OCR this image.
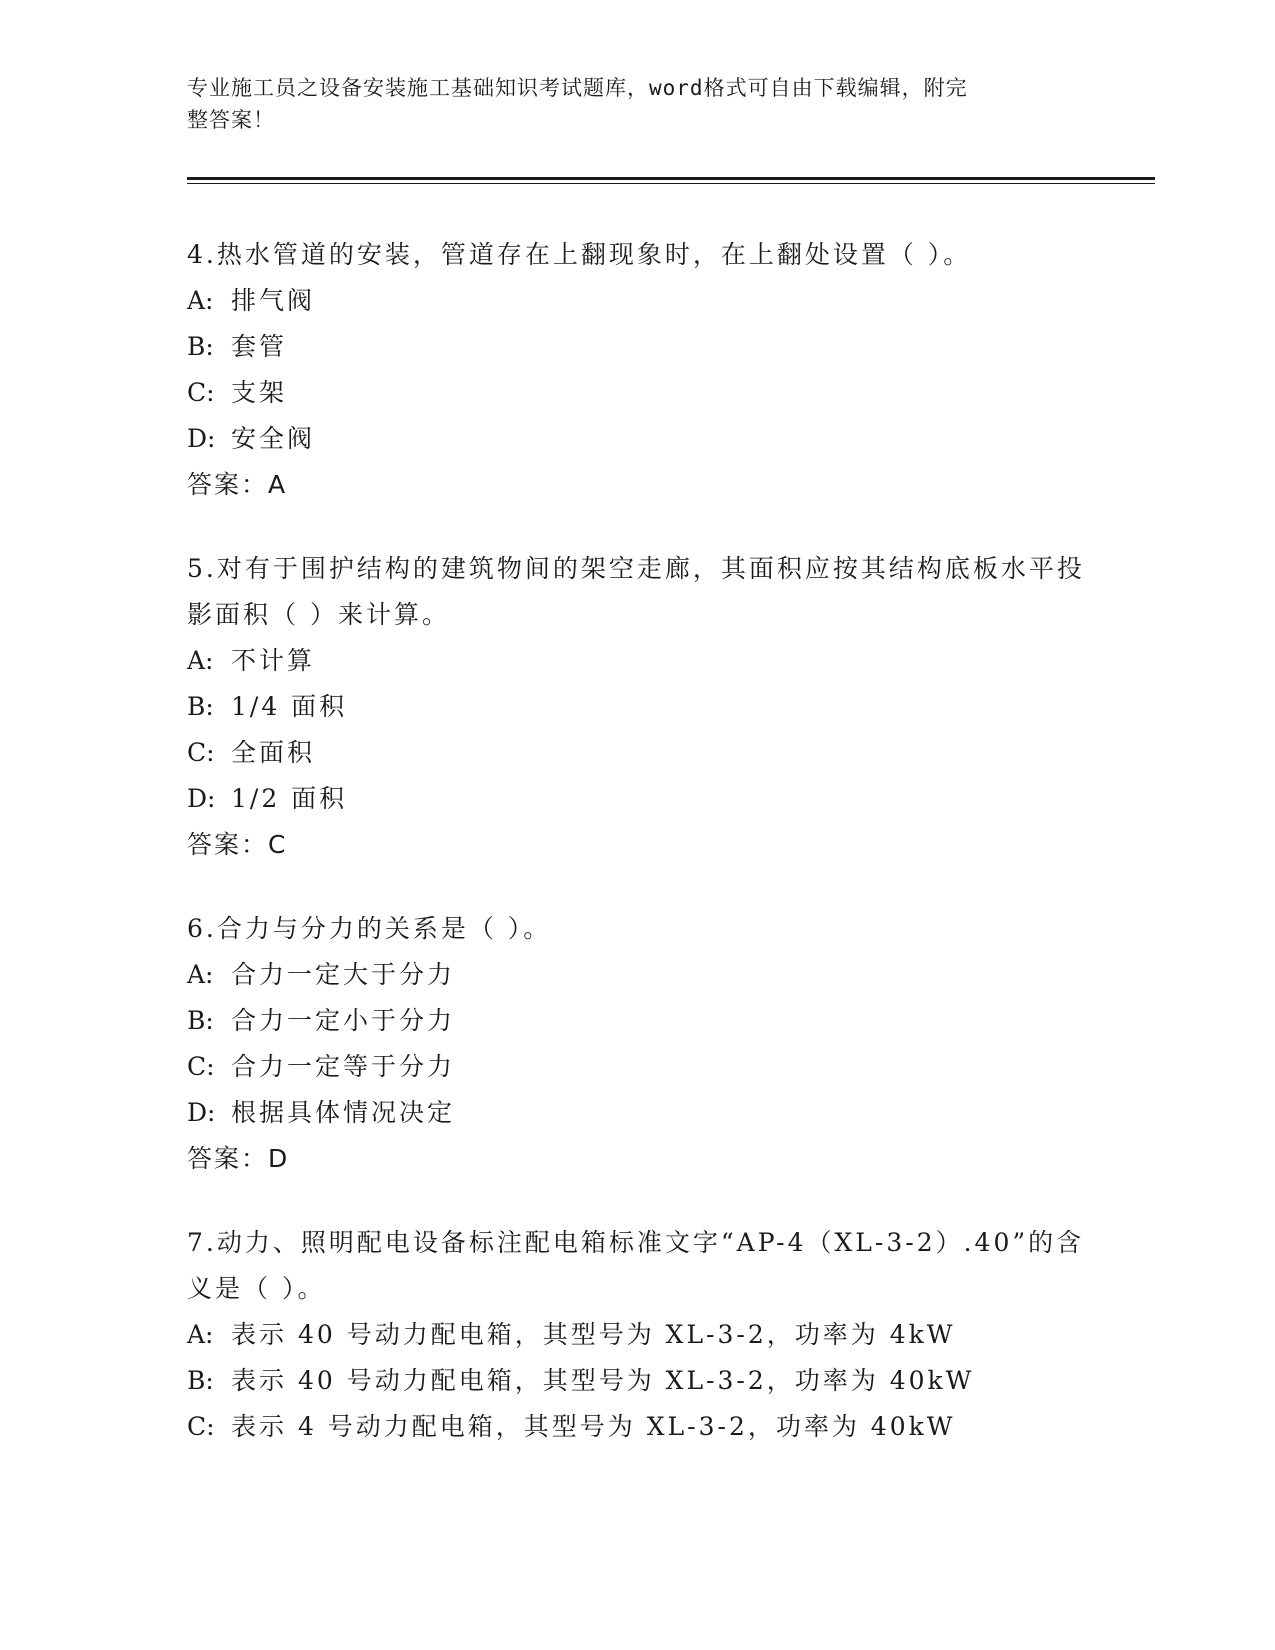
专业施工员之设备安装施工基础知识考试题库，word格式可自由下载编辑，附完
整答案！

4.热水管道的安装，管道存在上翻现象时，在上翻处设置（ ）。

A: 排气阀

B: 套管

C: 支架

D: 安全阀

答案：A

5.对有于围护结构的建筑物间的架空走廊，其面积应按其结构底板水平投影面积（ ）来计算。

A: 不计算

B: 1/4 面积

C: 全面积

D: 1/2 面积

答案：C

6.合力与分力的关系是（ ）。

A: 合力一定大于分力

B: 合力一定小于分力

C: 合力一定等于分力

D: 根据具体情况决定

答案：D

7.动力、照明配电设备标注配电箱标准文字“AP-4（XL-3-2）.40”的含义是（ ）。

A: 表示 40 号动力配电箱，其型号为 XL-3-2，功率为 4kW

B: 表示 40 号动力配电箱，其型号为 XL-3-2，功率为 40kW

C: 表示 4 号动力配电箱，其型号为 XL-3-2，功率为 40kW
